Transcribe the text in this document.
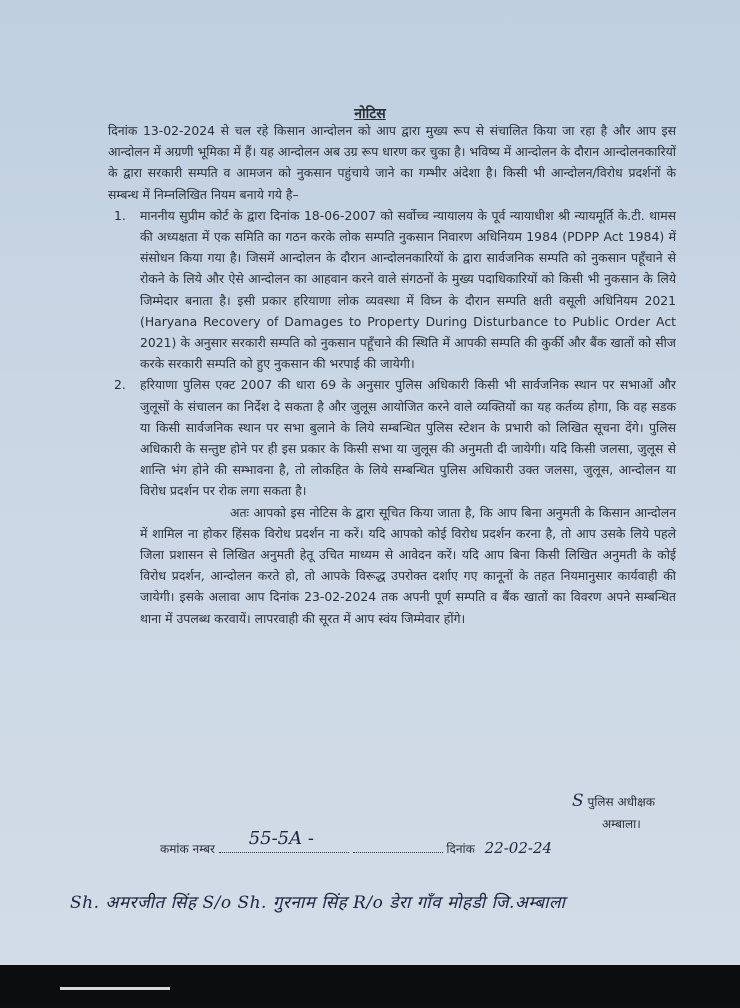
नोटिस

दिनांक 13-02-2024 से चल रहे किसान आन्दोलन को आप द्वारा मुख्य रूप से संचालित किया जा रहा है और आप इस आन्दोलन में अग्रणी भूमिका में हैं। यह आन्दोलन अब उग्र रूप धारण कर चुका है। भविष्य में आन्दोलन के दौरान आन्दोलनकारियों के द्वारा सरकारी सम्पति व आमजन को नुकसान पहुंचाये जाने का गम्भीर अंदेशा है। किसी भी आन्दोलन/विरोध प्रदर्शनों के सम्बन्ध में निम्नलिखित नियम बनाये गये है–

1. माननीय सुप्रीम कोर्ट के द्वारा दिनांक 18-06-2007 को सर्वोच्च न्यायालय के पूर्व न्यायाधीश श्री न्यायमूर्ति के.टी. थामस की अध्यक्षता में एक समिति का गठन करके लोक सम्पति नुकसान निवारण अधिनियम 1984 (PDPP Act 1984) में संसोधन किया गया है। जिसमें आन्दोलन के दौरान आन्दोलनकारियों के द्वारा सार्वजनिक सम्पति को नुकसान पहूँचाने से रोकने के लिये और ऐसे आन्दोलन का आहवान करने वाले संगठनों के मुख्य पदाधिकारियों को किसी भी नुकसान के लिये जिम्मेदार बनाता है। इसी प्रकार हरियाणा लोक व्यवस्था में विघ्न के दौरान सम्पति क्षती वसूली अधिनियम 2021 (Haryana Recovery of Damages to Property During Disturbance to Public Order Act 2021) के अनुसार सरकारी सम्पति को नुकसान पहूँचाने की स्थिति में आपकी सम्पति की कुर्की और बैंक खातों को सीज करके सरकारी सम्पति को हुए नुकसान की भरपाई की जायेगी।
2. हरियाणा पुलिस एक्ट 2007 की धारा 69 के अनुसार पुलिस अधिकारी किसी भी सार्वजनिक स्थान पर सभाओं और जुलूसों के संचालन का निर्देश दे सकता है और जुलूस आयोजित करने वाले व्यक्तियों का यह कर्तव्य होगा, कि वह सडक या किसी सार्वजनिक स्थान पर सभा बुलाने के लिये सम्बन्धित पुलिस स्टेशन के प्रभारी को लिखित सूचना देंगे। पुलिस अधिकारी के सन्तुष्ट होने पर ही इस प्रकार के किसी सभा या जुलूस की अनुमती दी जायेगी। यदि किसी जलसा, जुलूस से शान्ति भंग होने की सम्भावना है, तो लोकहित के लिये सम्बन्धित पुलिस अधिकारी उक्त जलसा, जुलूस, आन्दोलन या विरोध प्रदर्शन पर रोक लगा सकता है।

अतः आपको इस नोटिस के द्वारा सूचित किया जाता है, कि आप बिना अनुमती के किसान आन्दोलन में शामिल ना होकर हिंसक विरोध प्रदर्शन ना करें। यदि आपको कोई विरोध प्रदर्शन करना है, तो आप उसके लिये पहले जिला प्रशासन से लिखित अनुमती हेतू उचित माध्यम से आवेदन करें। यदि आप बिना किसी लिखित अनुमती के कोई विरोध प्रदर्शन, आन्दोलन करते हो, तो आपके विरूद्ध उपरोक्त दर्शाए गए कानूनों के तहत नियमानुसार कार्यवाही की जायेगी। इसके अलावा आप दिनांक 23-02-2024 तक अपनी पूर्ण सम्पति व बैंक खातों का विवरण अपने सम्बन्धित थाना में उपलब्ध करवायें। लापरवाही की सूरत में आप स्वंय जिम्मेवार होंगे।

S पुलिस अधीक्षक
अम्बाला।
कमांक नम्बर 55-5A -	दिनांक 22-02-24
Sh. अमरजीत सिंह S/o Sh. गुरनाम सिंह R/o डेरा गाँव मोहडी जि.अम्बाला
